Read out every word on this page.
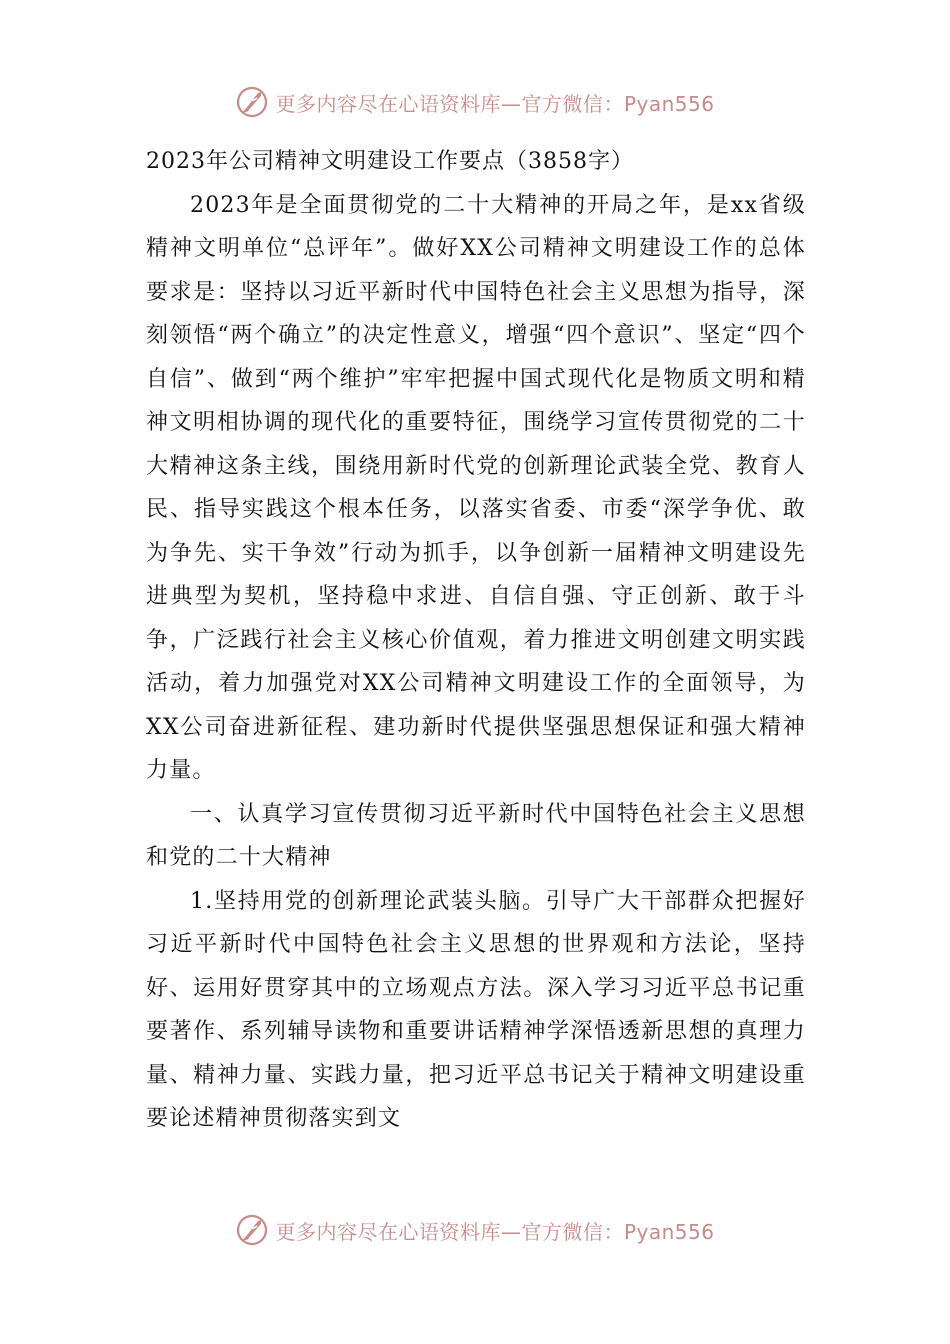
更多内容尽在心语资料库—官方微信：Pyan556
2023年公司精神文明建设工作要点（3858字）

2023年是全面贯彻党的二十大精神的开局之年，是xx省级精神文明单位“总评年”。做好XX公司精神文明建设工作的总体要求是：坚持以习近平新时代中国特色社会主义思想为指导，深刻领悟“两个确立”的决定性意义，增强“四个意识”、坚定“四个自信”、做到“两个维护”牢牢把握中国式现代化是物质文明和精神文明相协调的现代化的重要特征，围绕学习宣传贯彻党的二十大精神这条主线，围绕用新时代党的创新理论武装全党、教育人民、指导实践这个根本任务，以落实省委、市委“深学争优、敢为争先、实干争效”行动为抓手，以争创新一届精神文明建设先进典型为契机，坚持稳中求进、自信自强、守正创新、敢于斗争，广泛践行社会主义核心价值观，着力推进文明创建文明实践活动，着力加强党对XX公司精神文明建设工作的全面领导，为XX公司奋进新征程、建功新时代提供坚强思想保证和强大精神力量。

一、认真学习宣传贯彻习近平新时代中国特色社会主义思想和党的二十大精神

1.坚持用党的创新理论武装头脑。引导广大干部群众把握好习近平新时代中国特色社会主义思想的世界观和方法论，坚持好、运用好贯穿其中的立场观点方法。深入学习习近平总书记重要著作、系列辅导读物和重要讲话精神学深悟透新思想的真理力量、精神力量、实践力量，把习近平总书记关于精神文明建设重要论述精神贯彻落实到文

更多内容尽在心语资料库—官方微信：Pyan556
